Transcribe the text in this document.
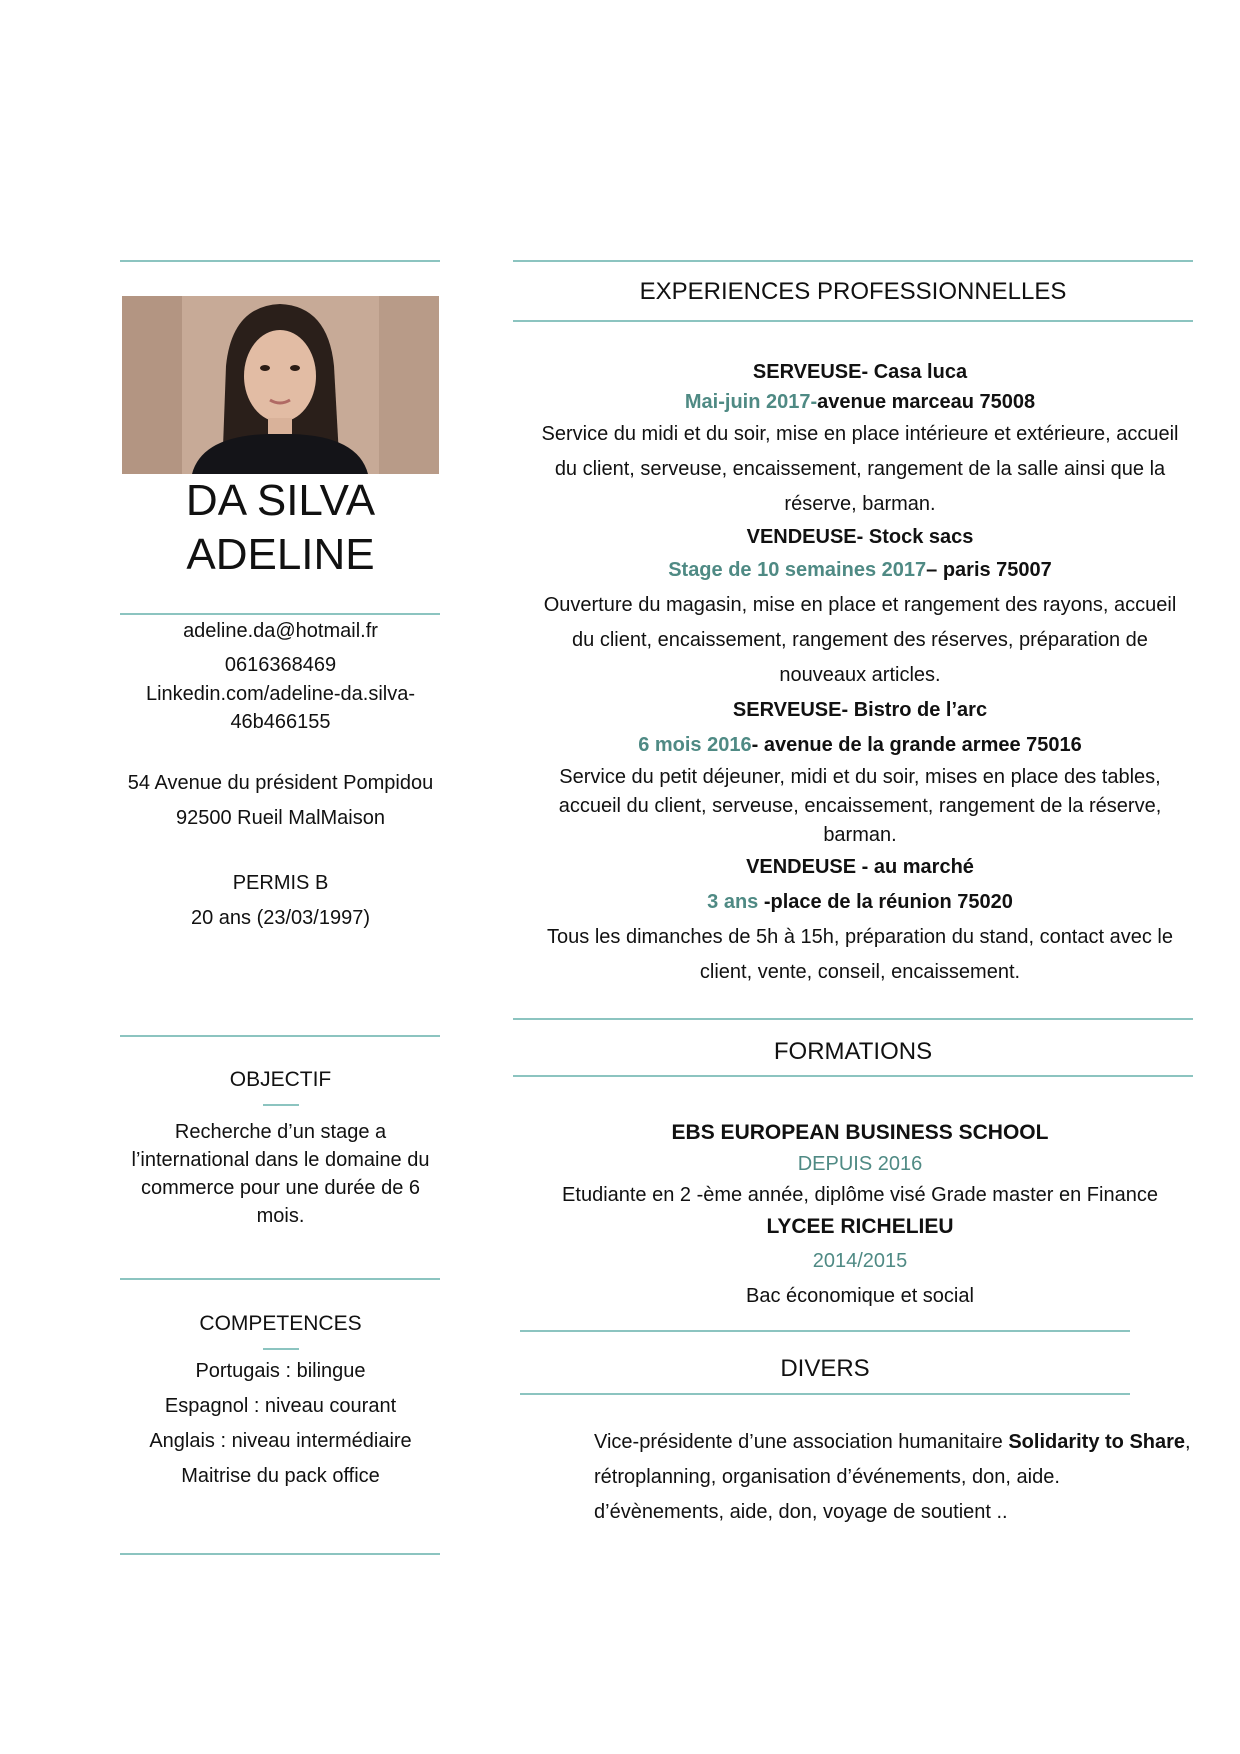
DA SILVA
ADELINE
adeline.da@hotmail.fr
0616368469
Linkedin.com/adeline-da.silva-
46b466155
54 Avenue du président Pompidou
92500 Rueil MalMaison
PERMIS B
20 ans (23/03/1997)
OBJECTIF
Recherche d’un stage a l’international dans le domaine du commerce pour une durée de 6 mois.
COMPETENCES
Portugais : bilingue
Espagnol : niveau courant
Anglais : niveau intermédiaire
Maitrise du pack office
EXPERIENCES PROFESSIONNELLES
SERVEUSE- Casa luca
Mai-juin 2017-avenue marceau 75008
Service du midi et du soir, mise en place intérieure et extérieure, accueil du client, serveuse, encaissement, rangement de la salle ainsi que la réserve, barman.
VENDEUSE- Stock sacs
Stage de 10 semaines 2017– paris 75007
Ouverture du magasin, mise en place et rangement des rayons, accueil du client, encaissement, rangement des réserves, préparation de nouveaux articles.
SERVEUSE- Bistro de l’arc
6 mois 2016- avenue de la grande armee 75016
Service du petit déjeuner, midi et du soir, mises en place des tables, accueil du client, serveuse, encaissement, rangement de la réserve, barman.
VENDEUSE - au marché
3 ans -place de la réunion 75020
Tous les dimanches de 5h à 15h, préparation du stand, contact avec le client, vente, conseil, encaissement.
FORMATIONS
EBS EUROPEAN BUSINESS SCHOOL
DEPUIS 2016
Etudiante en 2 -ème année, diplôme visé Grade master en Finance
LYCEE RICHELIEU
2014/2015
Bac économique et social
DIVERS
Vice-présidente d’une association humanitaire Solidarity to Share, rétroplanning, organisation d’événements, don, aide. d’évènements, aide, don, voyage de soutient ..
